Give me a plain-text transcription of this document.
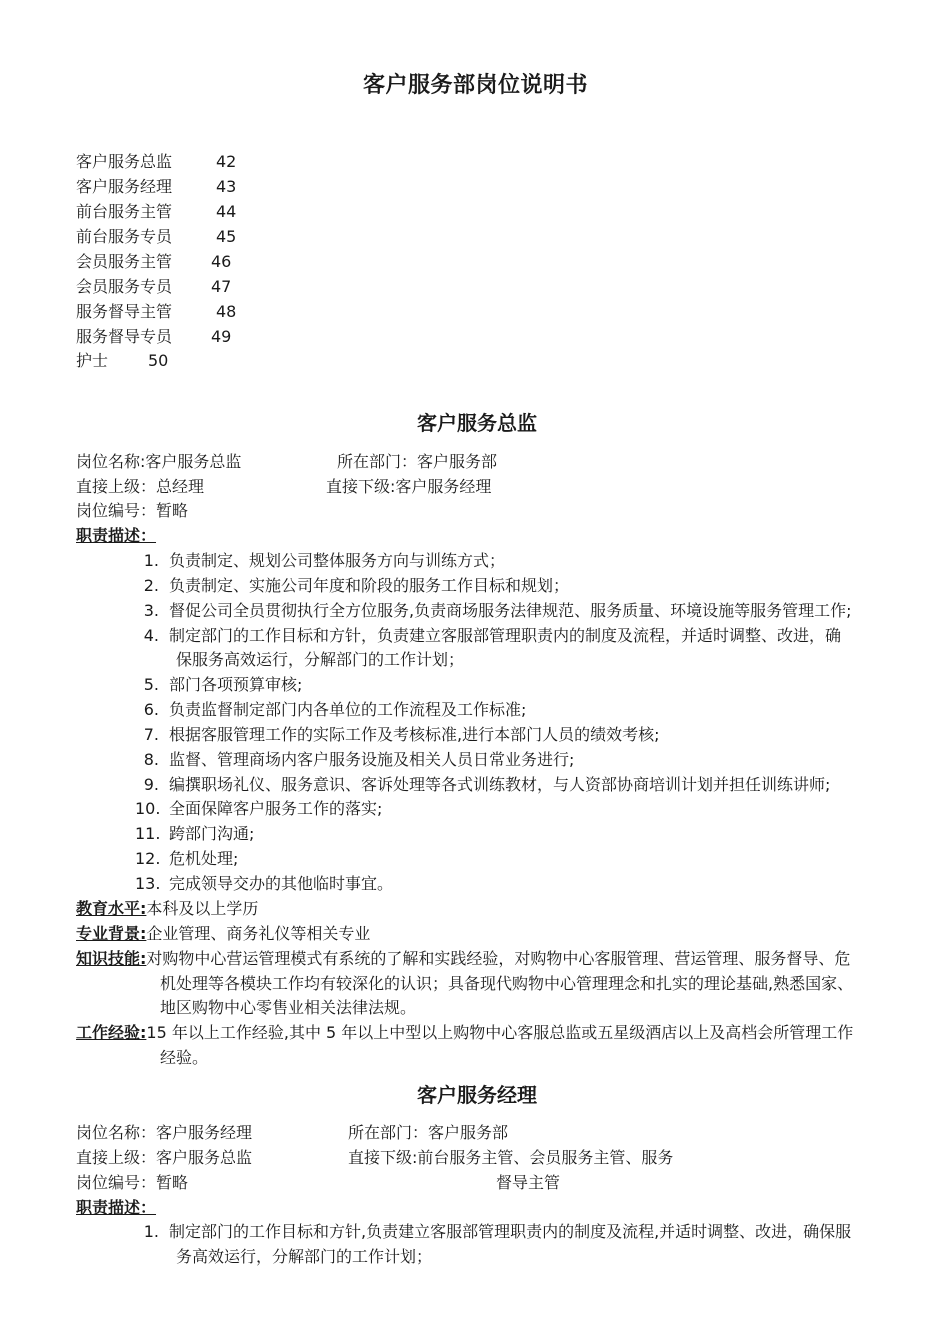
客户服务部岗位说明书
客户服务总监	42
客户服务经理	43
前台服务主管	44
前台服务专员	45
会员服务主管 46
会员服务专员 47
服务督导主管	48
服务督导专员 49
护士 50
客户服务总监
岗位名称:客户服务总监	所在部门：客户服务部
直接上级：总经理	直接下级:客户服务经理
岗位编号：暂略
职责描述：
1. 负责制定、规划公司整体服务方向与训练方式；
2. 负责制定、实施公司年度和阶段的服务工作目标和规划；
3. 督促公司全员贯彻执行全方位服务,负责商场服务法律规范、服务质量、环境设施等服务管理工作;
4. 制定部门的工作目标和方针，负责建立客服部管理职责内的制度及流程，并适时调整、改进，确
保服务高效运行，分解部门的工作计划；
5. 部门各项预算审核;
6. 负责监督制定部门内各单位的工作流程及工作标准;
7. 根据客服管理工作的实际工作及考核标准,进行本部门人员的绩效考核;
8. 监督、管理商场内客户服务设施及相关人员日常业务进行;
9. 编撰职场礼仪、服务意识、客诉处理等各式训练教材，与人资部协商培训计划并担任训练讲师;
10. 全面保障客户服务工作的落实;
11. 跨部门沟通;
12. 危机处理;
13. 完成领导交办的其他临时事宜。
教育水平:本科及以上学历
专业背景:企业管理、商务礼仪等相关专业
知识技能:对购物中心营运管理模式有系统的了解和实践经验，对购物中心客服管理、营运管理、服务督导、危
机处理等各模块工作均有较深化的认识；具备现代购物中心管理理念和扎实的理论基础,熟悉国家、
地区购物中心零售业相关法律法规。
工作经验:15 年以上工作经验,其中 5 年以上中型以上购物中心客服总监或五星级酒店以上及高档会所管理工作
经验。
客户服务经理
岗位名称：客户服务经理	所在部门：客户服务部
直接上级：客户服务总监	直接下级:前台服务主管、会员服务主管、服务
岗位编号：暂略	督导主管
职责描述：
1. 制定部门的工作目标和方针,负责建立客服部管理职责内的制度及流程,并适时调整、改进，确保服
务高效运行，分解部门的工作计划；
